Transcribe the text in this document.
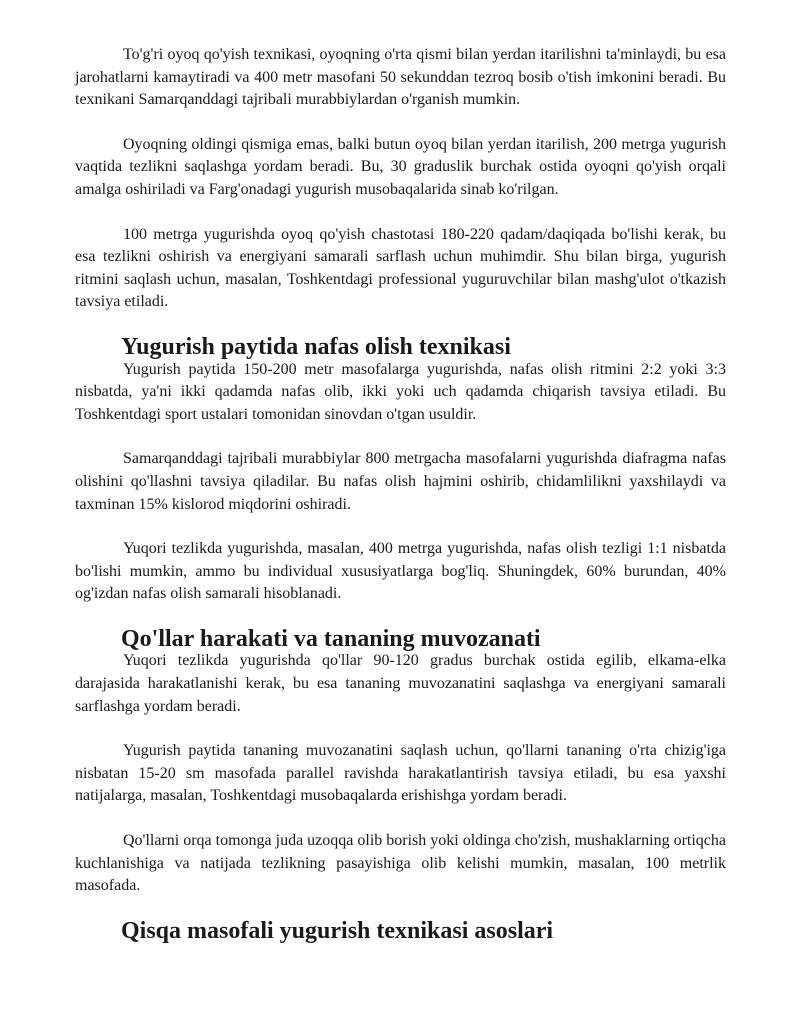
To'g'ri oyoq qo'yish texnikasi, oyoqning o'rta qismi bilan yerdan itarilishni ta'minlaydi, bu esa jarohatlarni kamaytiradi va 400 metr masofani 50 sekunddan tezroq bosib o'tish imkonini beradi. Bu texnikani Samarqanddagi tajribali murabbiylardan o'rganish mumkin.

Oyoqning oldingi qismiga emas, balki butun oyoq bilan yerdan itarilish, 200 metrga yugurish vaqtida tezlikni saqlashga yordam beradi. Bu, 30 graduslik burchak ostida oyoqni qo'yish orqali amalga oshiriladi va Farg'onadagi yugurish musobaqalarida sinab ko'rilgan.

100 metrga yugurishda oyoq qo'yish chastotasi 180-220 qadam/daqiqada bo'lishi kerak, bu esa tezlikni oshirish va energiyani samarali sarflash uchun muhimdir. Shu bilan birga, yugurish ritmini saqlash uchun, masalan, Toshkentdagi professional yuguruvchilar bilan mashg'ulot o'tkazish tavsiya etiladi.

Yugurish paytida nafas olish texnikasi

Yugurish paytida 150-200 metr masofalarga yugurishda, nafas olish ritmini 2:2 yoki 3:3 nisbatda, ya'ni ikki qadamda nafas olib, ikki yoki uch qadamda chiqarish tavsiya etiladi. Bu Toshkentdagi sport ustalari tomonidan sinovdan o'tgan usuldir.

Samarqanddagi tajribali murabbiylar 800 metrgacha masofalarni yugurishda diafragma nafas olishini qo'llashni tavsiya qiladilar. Bu nafas olish hajmini oshirib, chidamlilikni yaxshilaydi va taxminan 15% kislorod miqdorini oshiradi.

Yuqori tezlikda yugurishda, masalan, 400 metrga yugurishda, nafas olish tezligi 1:1 nisbatda bo'lishi mumkin, ammo bu individual xususiyatlarga bog'liq. Shuningdek, 60% burundan, 40% og'izdan nafas olish samarali hisoblanadi.

Qo'llar harakati va tananing muvozanati

Yuqori tezlikda yugurishda qo'llar 90-120 gradus burchak ostida egilib, elkama-elka darajasida harakatlanishi kerak, bu esa tananing muvozanatini saqlashga va energiyani samarali sarflashga yordam beradi.

Yugurish paytida tananing muvozanatini saqlash uchun, qo'llarni tananing o'rta chizig'iga nisbatan 15-20 sm masofada parallel ravishda harakatlantirish tavsiya etiladi, bu esa yaxshi natijalarga, masalan, Toshkentdagi musobaqalarda erishishga yordam beradi.

Qo'llarni orqa tomonga juda uzoqqa olib borish yoki oldinga cho'zish, mushaklarning ortiqcha kuchlanishiga va natijada tezlikning pasayishiga olib kelishi mumkin, masalan, 100 metrlik masofada.

Qisqa masofali yugurish texnikasi asoslari
